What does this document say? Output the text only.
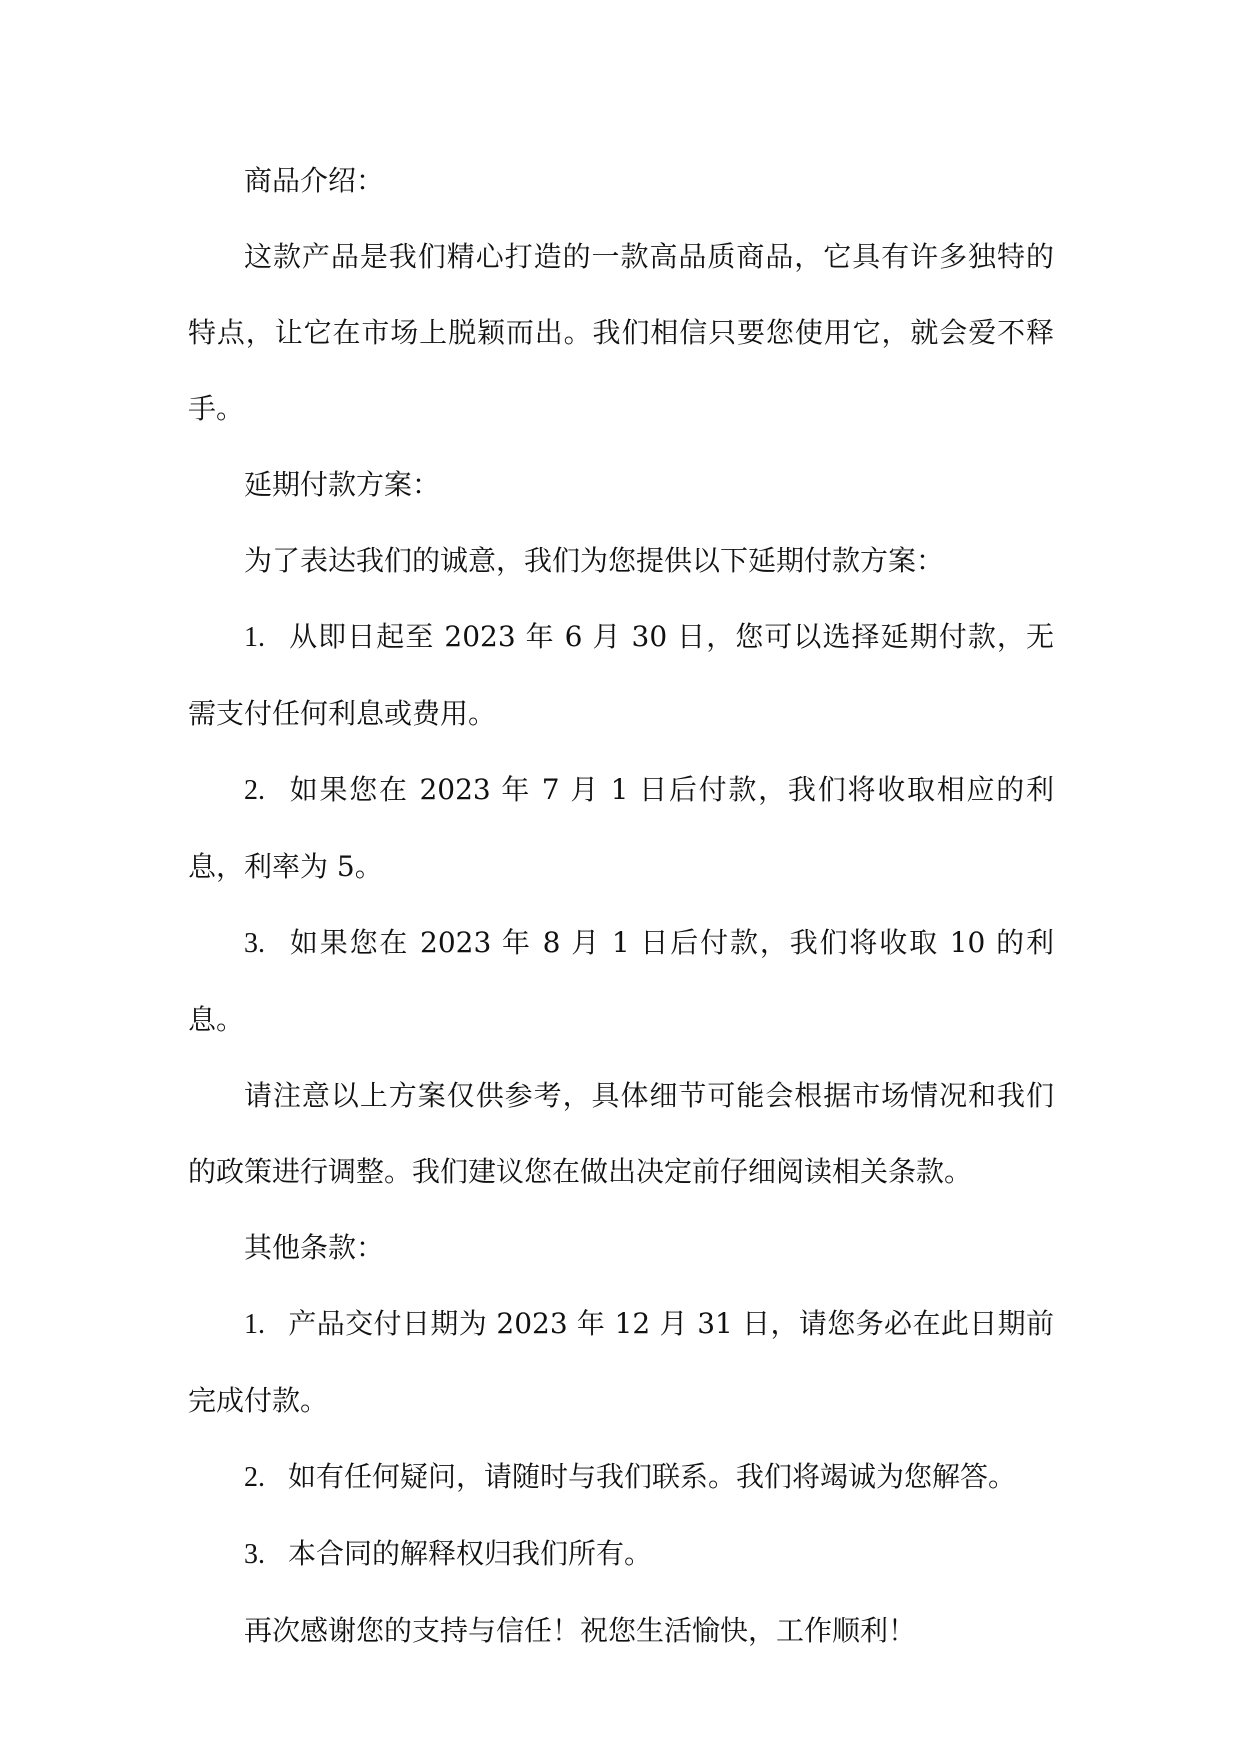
商品介绍：

这款产品是我们精心打造的一款高品质商品，它具有许多独特的特点，让它在市场上脱颖而出。我们相信只要您使用它，就会爱不释手。

延期付款方案：

为了表达我们的诚意，我们为您提供以下延期付款方案：

1. 从即日起至 2023 年 6 月 30 日，您可以选择延期付款，无需支付任何利息或费用。

2. 如果您在 2023 年 7 月 1 日后付款，我们将收取相应的利息，利率为 5。

3. 如果您在 2023 年 8 月 1 日后付款，我们将收取 10 的利息。

请注意以上方案仅供参考，具体细节可能会根据市场情况和我们的政策进行调整。我们建议您在做出决定前仔细阅读相关条款。

其他条款：

1. 产品交付日期为 2023 年 12 月 31 日，请您务必在此日期前完成付款。

2. 如有任何疑问，请随时与我们联系。我们将竭诚为您解答。

3. 本合同的解释权归我们所有。

再次感谢您的支持与信任！祝您生活愉快，工作顺利！
